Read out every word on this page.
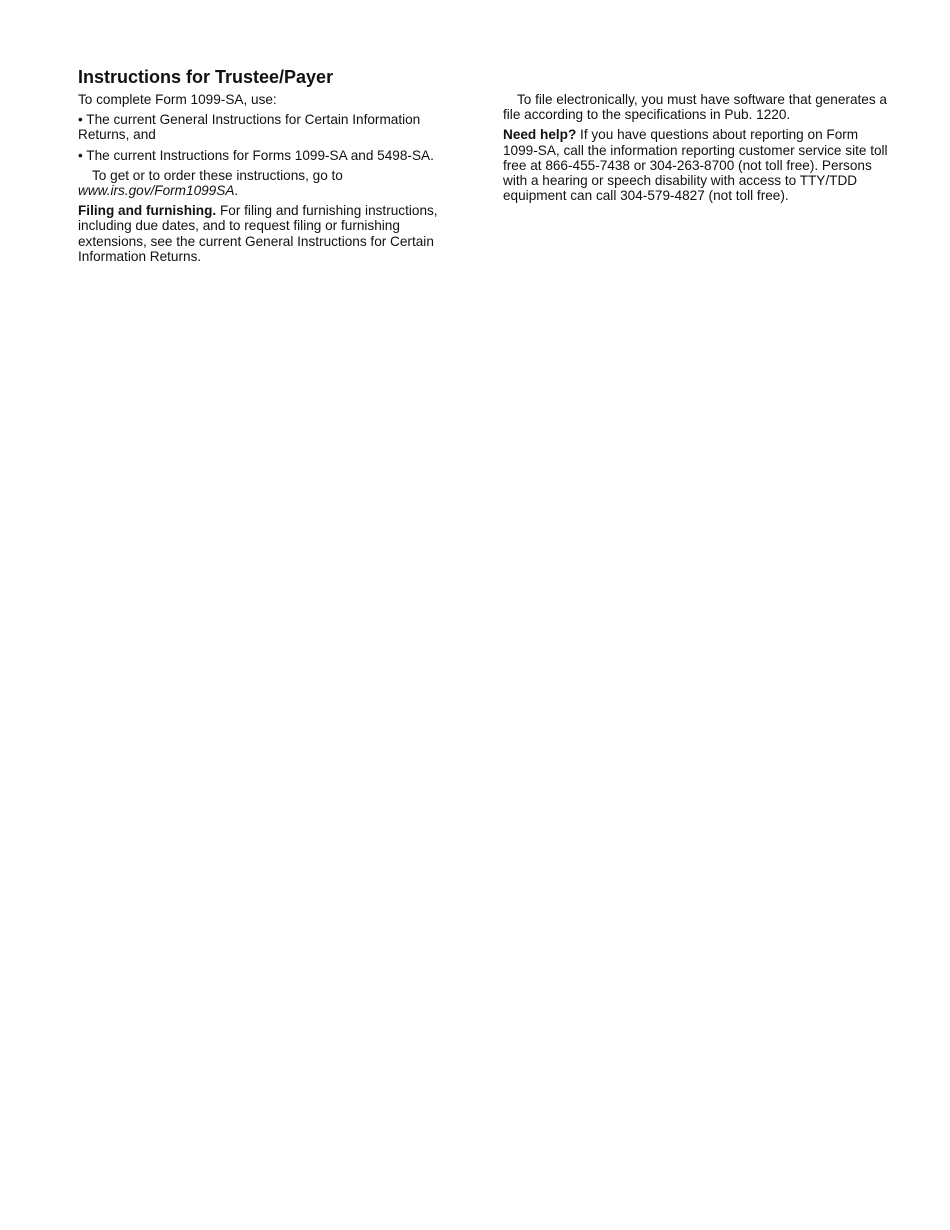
Instructions for Trustee/Payer

To complete Form 1099-SA, use:

• The current General Instructions for Certain Information Returns, and

• The current Instructions for Forms 1099-SA and 5498-SA.

To get or to order these instructions, go to
www.irs.gov/Form1099SA.

Filing and furnishing. For filing and furnishing instructions, including due dates, and to request filing or furnishing extensions, see the current General Instructions for Certain Information Returns.

To file electronically, you must have software that generates a file according to the specifications in Pub. 1220.

Need help? If you have questions about reporting on Form 1099-SA, call the information reporting customer service site toll free at 866-455-7438 or 304-263-8700 (not toll free). Persons with a hearing or speech disability with access to TTY/TDD equipment can call 304-579-4827 (not toll free).
